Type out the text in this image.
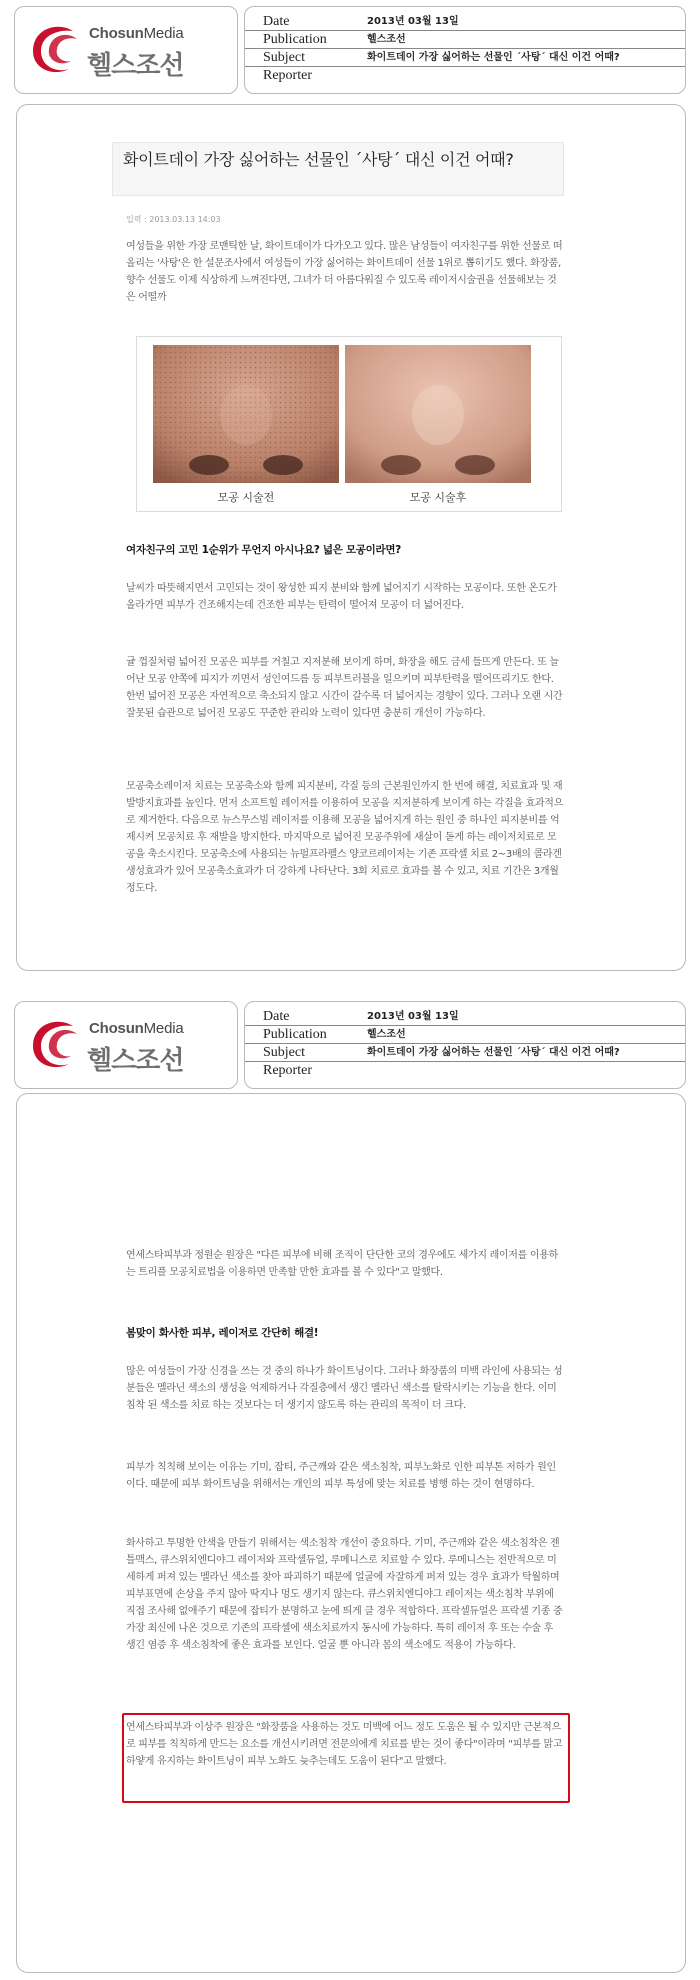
ChosunMedia
헬스조선
Date	2013년 03월 13일
Publication	헬스조선
Subject	화이트데이 가장 싫어하는 선물인 ´사탕´ 대신 이건 어때?
Reporter
화이트데이 가장 싫어하는 선물인 ´사탕´ 대신 이건 어때?
입력 : 2013.03.13 14:03
여성들을 위한 가장 로맨틱한 날, 화이트데이가 다가오고 있다. 많은 남성들이 여자친구를 위한 선물로 떠올리는 '사탕'은 한 설문조사에서 여성들이 가장 싫어하는 화이트데이 선물 1위로 뽑히기도 했다. 화장품, 향수 선물도 이제 식상하게 느껴진다면, 그녀가 더 아름다워질 수 있도록 레이저시술권을 선물해보는 것은 어떨까
모공 시술전	모공 시술후
여자친구의 고민 1순위가 무언지 아시나요? 넓은 모공이라면?
날씨가 따뜻해지면서 고민되는 것이 왕성한 피지 분비와 함께 넓어지기 시작하는 모공이다. 또한 온도가 올라가면 피부가 건조해지는데 건조한 피부는 탄력이 떨어져 모공이 더 넓어진다.
귤 껍질처럼 넓어진 모공은 피부를 거칠고 지저분해 보이게 하며, 화장을 해도 금세 들뜨게 만든다. 또 늘어난 모공 안쪽에 피지가 끼면서 성인여드름 등 피부트러블을 일으키며 피부탄력을 떨어뜨리기도 한다. 한번 넓어진 모공은 자연적으로 축소되지 않고 시간이 갈수록 더 넓어지는 경향이 있다. 그러나 오랜 시간 잘못된 습관으로 넓어진 모공도 꾸준한 관리와 노력이 있다면 충분히 개선이 가능하다.
모공축소레이저 치료는 모공축소와 함께 피지분비, 각질 등의 근본원인까지 한 번에 해결, 치료효과 및 재발방지효과를 높인다. 먼저 소프트힐 레이저를 이용하여 모공을 지저분하게 보이게 하는 각질을 효과적으로 제거한다. 다음으로 뉴스무스빔 레이저를 이용해 모공을 넓어지게 하는 원인 중 하나인 피지분비를 억제시켜 모공치료 후 재발을 방지한다. 마지막으로 넓어진 모공주위에 새살이 돋게 하는 레이저치료로 모공을 축소시킨다. 모공축소에 사용되는 뉴펄프라펠스 양코르레이저는 기존 프락셀 치료 2~3배의 콜라겐 생성효과가 있어 모공축소효과가 더 강하게 나타난다. 3회 치료로 효과를 볼 수 있고, 치료 기간은 3개월 정도다.
ChosunMedia
헬스조선
Date	2013년 03월 13일
Publication	헬스조선
Subject	화이트데이 가장 싫어하는 선물인 ´사탕´ 대신 이건 어때?
Reporter
연세스타피부과 정원순 원장은 "다른 피부에 비해 조직이 단단한 코의 경우에도 세가지 레이저를 이용하는 트리플 모공치료법을 이용하면 만족할 만한 효과를 볼 수 있다"고 말했다.
봄맞이 화사한 피부, 레이저로 간단히 해결!
많은 여성들이 가장 신경을 쓰는 것 중의 하나가 화이트닝이다. 그러나 화장품의 미백 라인에 사용되는 성분들은 멜라닌 색소의 생성을 억제하거나 각질층에서 생긴 멜라닌 색소를 탈락시키는 기능을 한다. 이미 침착 된 색소를 치료 하는 것보다는 더 생기지 않도록 하는 관리의 목적이 더 크다.
피부가 칙칙해 보이는 이유는 기미, 잡티, 주근깨와 같은 색소침착, 피부노화로 인한 피부톤 저하가 원인이다. 때문에 피부 화이트닝을 위해서는 개인의 피부 특성에 맞는 치료를 병행 하는 것이 현명하다.
화사하고 투명한 안색을 만들기 위해서는 색소침착 개선이 중요하다. 기미, 주근깨와 같은 색소침착은 젠틀맥스, 큐스위치엔디야그 레이저와 프락셀듀얼, 루메니스로 치료할 수 있다. 루메니스는 전반적으로 미세하게 퍼져 있는 멜라닌 색소를 찾아 파괴하기 때문에 얼굴에 자잘하게 퍼져 있는 경우 효과가 탁월하며 피부표면에 손상을 주지 않아 딱지나 멍도 생기지 않는다. 큐스위치엔디야그 레이저는 색소침착 부위에 직접 조사해 없애주기 때문에 잡티가 분명하고 눈에 띄게 클 경우 적합하다. 프락셀듀얼은 프락셀 기종 중 가장 최신에 나온 것으로 기존의 프락셀에 색소치료까지 동시에 가능하다. 특히 레이저 후 또는 수술 후 생긴 염증 후 색소침착에 좋은 효과를 보인다. 얼굴 뿐 아니라 몸의 색소에도 적용이 가능하다.
연세스타피부과 이상주 원장은 "화장품을 사용하는 것도 미백에 어느 정도 도움은 될 수 있지만 근본적으로 피부를 칙칙하게 만드는 요소를 개선시키려면 전문의에게 치료를 받는 것이 좋다"이라며 "피부를 맑고 하얗게 유지하는 화이트닝이 피부 노화도 늦추는데도 도움이 된다"고 말했다.
